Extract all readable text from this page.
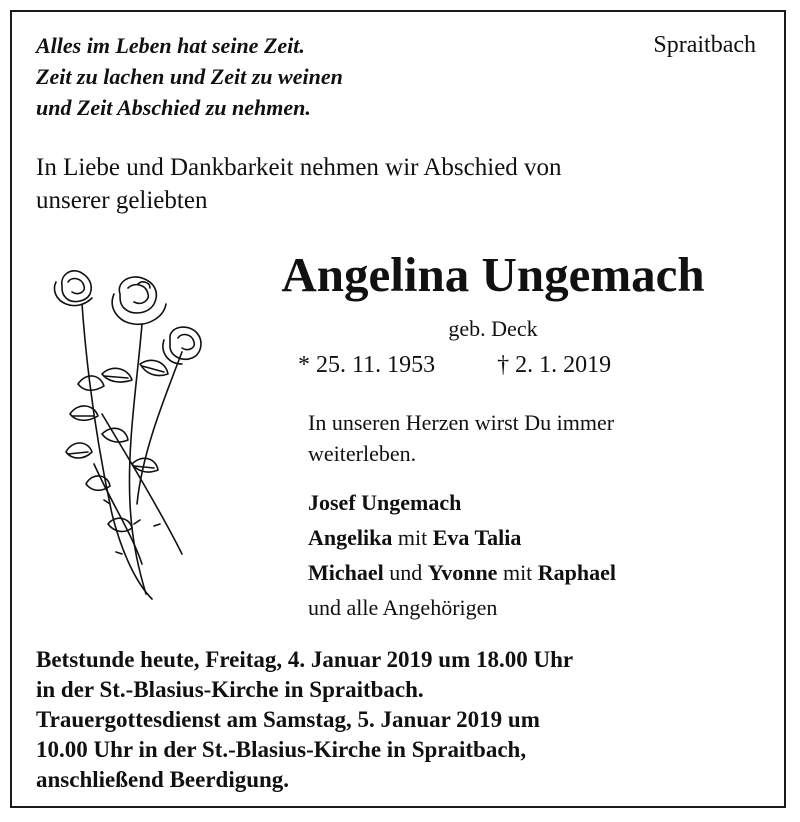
Alles im Leben hat seine Zeit.
Zeit zu lachen und Zeit zu weinen
und Zeit Abschied zu nehmen.
Spraitbach
In Liebe und Dankbarkeit nehmen wir Abschied von
unserer geliebten
Angelina Ungemach
geb. Deck
* 25. 11. 1953	† 2. 1. 2019
In unseren Herzen wirst Du immer
weiterleben.
Josef Ungemach
Angelika mit Eva Talia
Michael und Yvonne mit Raphael
und alle Angehörigen
Betstunde heute, Freitag, 4. Januar 2019 um 18.00 Uhr
in der St.-Blasius-Kirche in Spraitbach.
Trauergottesdienst am Samstag, 5. Januar 2019 um
10.00 Uhr in der St.-Blasius-Kirche in Spraitbach,
anschließend Beerdigung.
